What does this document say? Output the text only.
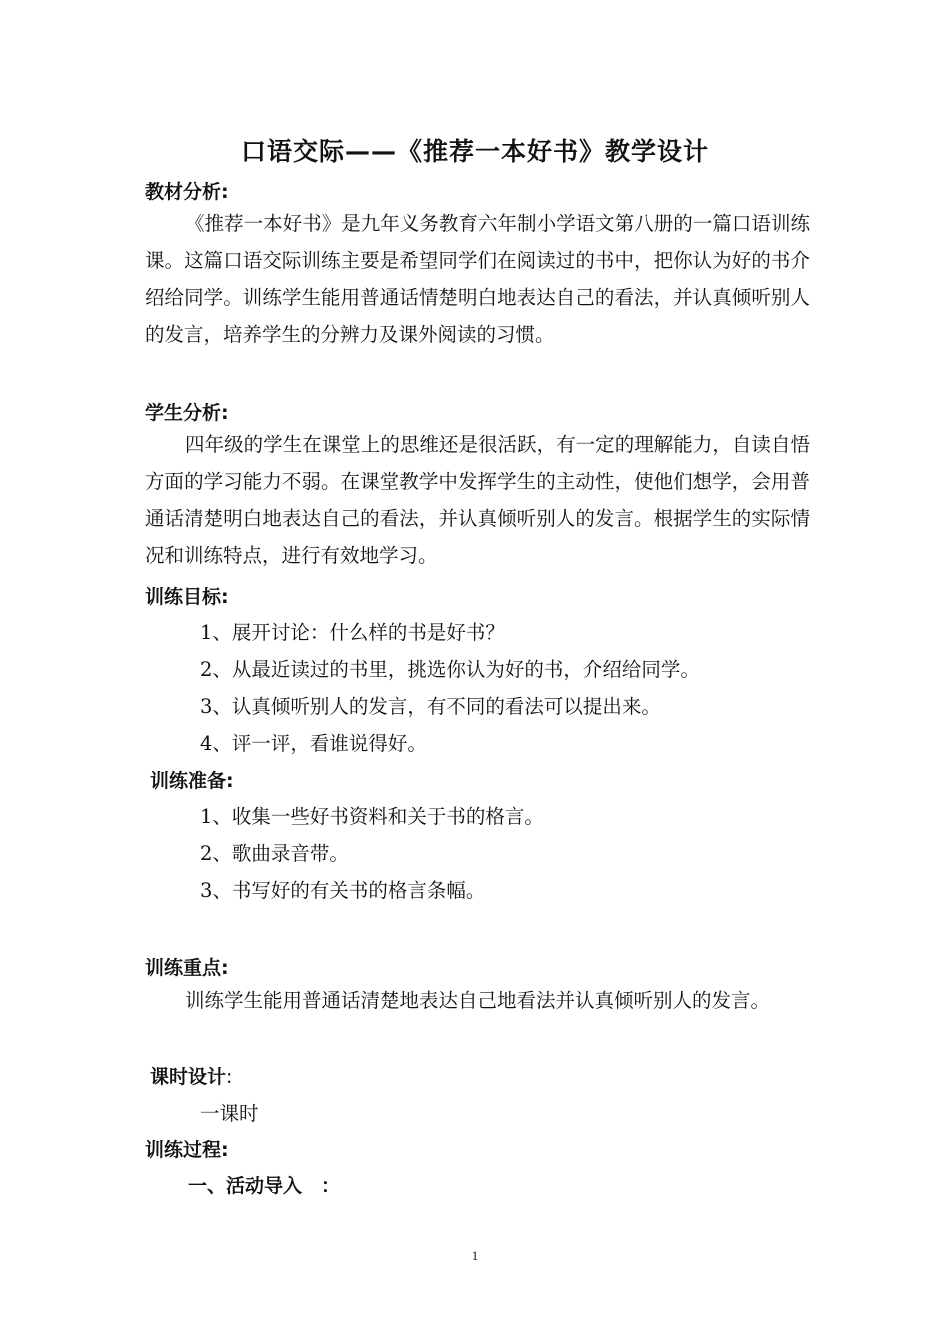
口语交际——《推荐一本好书》教学设计
教材分析:

《推荐一本好书》是九年义务教育六年制小学语文第八册的一篇口语训练课。这篇口语交际训练主要是希望同学们在阅读过的书中，把你认为好的书介绍给同学。训练学生能用普通话情楚明白地表达自己的看法，并认真倾听别人的发言，培养学生的分辨力及课外阅读的习惯。

学生分析:

四年级的学生在课堂上的思维还是很活跃，有一定的理解能力，自读自悟方面的学习能力不弱。在课堂教学中发挥学生的主动性，使他们想学，会用普通话清楚明白地表达自己的看法，并认真倾听别人的发言。根据学生的实际情况和训练特点，进行有效地学习。

训练目标:
1、展开讨论：什么样的书是好书？
2、从最近读过的书里，挑选你认为好的书，介绍给同学。
3、认真倾听别人的发言，有不同的看法可以提出来。
4、评一评，看谁说得好。
训练准备:
1、收集一些好书资料和关于书的格言。
2、歌曲录音带。
3、书写好的有关书的格言条幅。
训练重点:

训练学生能用普通话清楚地表达自己地看法并认真倾听别人的发言。

课时设计:
一课时
训练过程:
一、活动导入　：
1
